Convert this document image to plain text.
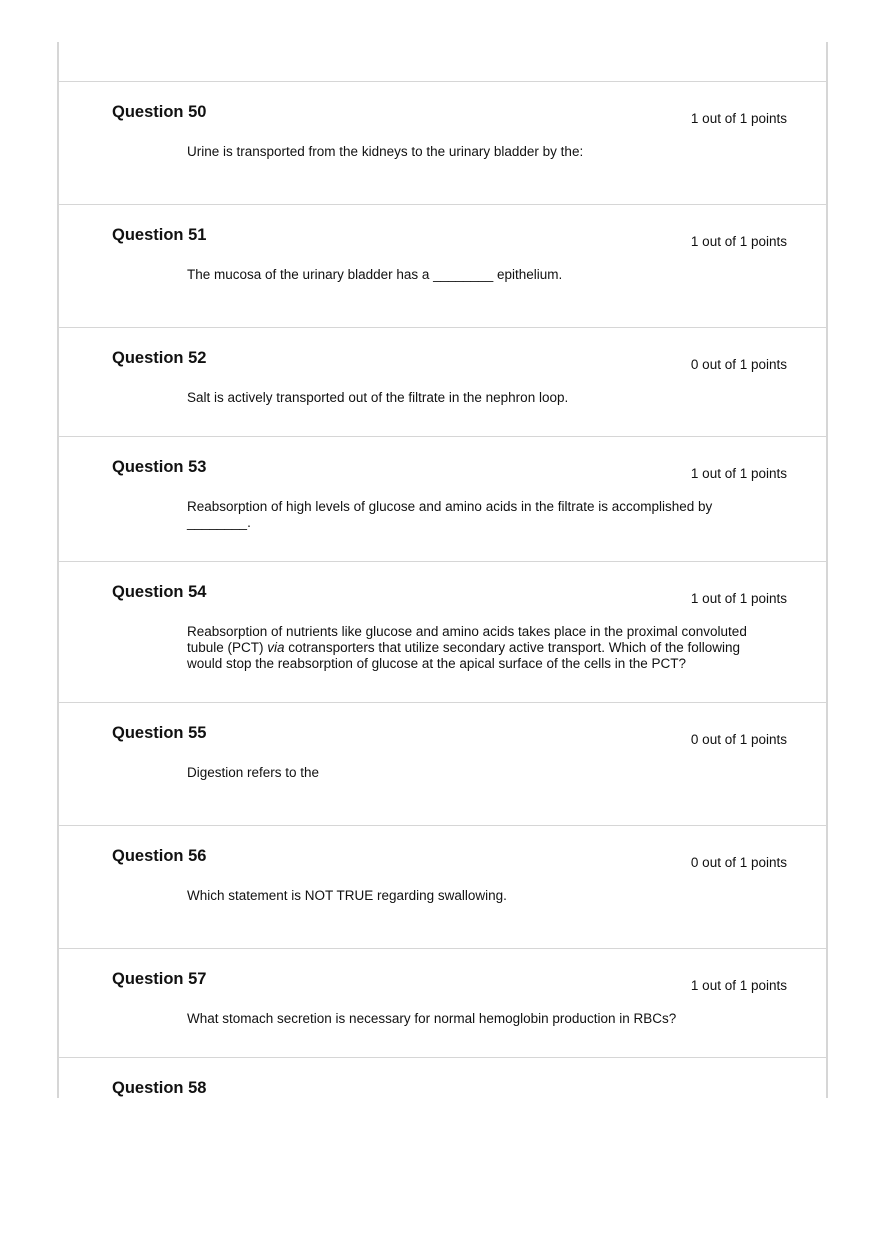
Question 50	1 out of 1 points
Urine is transported from the kidneys to the urinary bladder by the:
Question 51	1 out of 1 points
The mucosa of the urinary bladder has a ________ epithelium.
Question 52	0 out of 1 points
Salt is actively transported out of the filtrate in the nephron loop.
Question 53	1 out of 1 points
Reabsorption of high levels of glucose and amino acids in the filtrate is accomplished by ________.
Question 54	1 out of 1 points
Reabsorption of nutrients like glucose and amino acids takes place in the proximal convoluted tubule (PCT) via cotransporters that utilize secondary active transport. Which of the following would stop the reabsorption of glucose at the apical surface of the cells in the PCT?
Question 55	0 out of 1 points
Digestion refers to the
Question 56	0 out of 1 points
Which statement is NOT TRUE regarding swallowing.
Question 57	1 out of 1 points
What stomach secretion is necessary for normal hemoglobin production in RBCs?
Question 58
